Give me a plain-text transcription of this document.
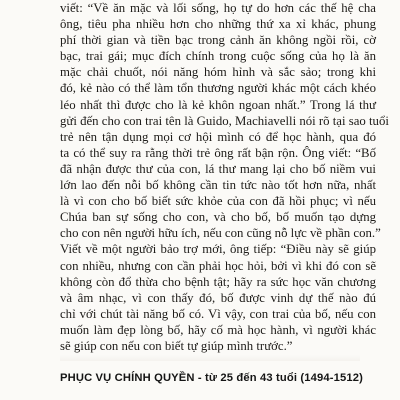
viết: “Về ăn mặc và lối sống, họ tự do hơn các thế hệ cha
ông, tiêu pha nhiều hơn cho những thứ xa xỉ khác, phung
phí thời gian và tiền bạc trong cảnh ăn không ngồi rồi, cờ
bạc, trai gái; mục đích chính trong cuộc sống của họ là ăn
mặc chải chuốt, nói năng hóm hỉnh và sắc sảo; trong khi
đó, kẻ nào có thể làm tổn thương người khác một cách khéo
léo nhất thì được cho là kẻ khôn ngoan nhất.” Trong lá thư
gửi đến cho con trai tên là Guido, Machiavelli nói rõ tại sao tuổi
trẻ nên tận dụng mọi cơ hội mình có để học hành, qua đó
ta có thể suy ra rằng thời trẻ ông rất bận rộn. Ông viết: “Bố
đã nhận được thư của con, lá thư mang lại cho bố niềm vui
lớn lao đến nỗi bố không cần tin tức nào tốt hơn nữa, nhất
là vì con cho bố biết sức khỏe của con đã hồi phục; vì nếu
Chúa ban sự sống cho con, và cho bố, bố muốn tạo dựng
cho con nên người hữu ích, nếu con cũng nỗ lực về phần con.”
Viết về một người bảo trợ mới, ông tiếp: “Điều này sẽ giúp
con nhiều, nhưng con cần phải học hỏi, bởi vì khi đó con sẽ
không còn đổ thừa cho bệnh tật; hãy ra sức học văn chương
và âm nhạc, vì con thấy đó, bố được vinh dự thế nào đú
chỉ với chút tài năng bố có. Vì vậy, con trai của bố, nếu con
muốn làm đẹp lòng bố, hãy cố mà học hành, vì người khác
sẽ giúp con nếu con biết tự giúp mình trước.”
PHỤC VỤ CHÍNH QUYỀN - từ 25 đến 43 tuổi (1494-1512)
